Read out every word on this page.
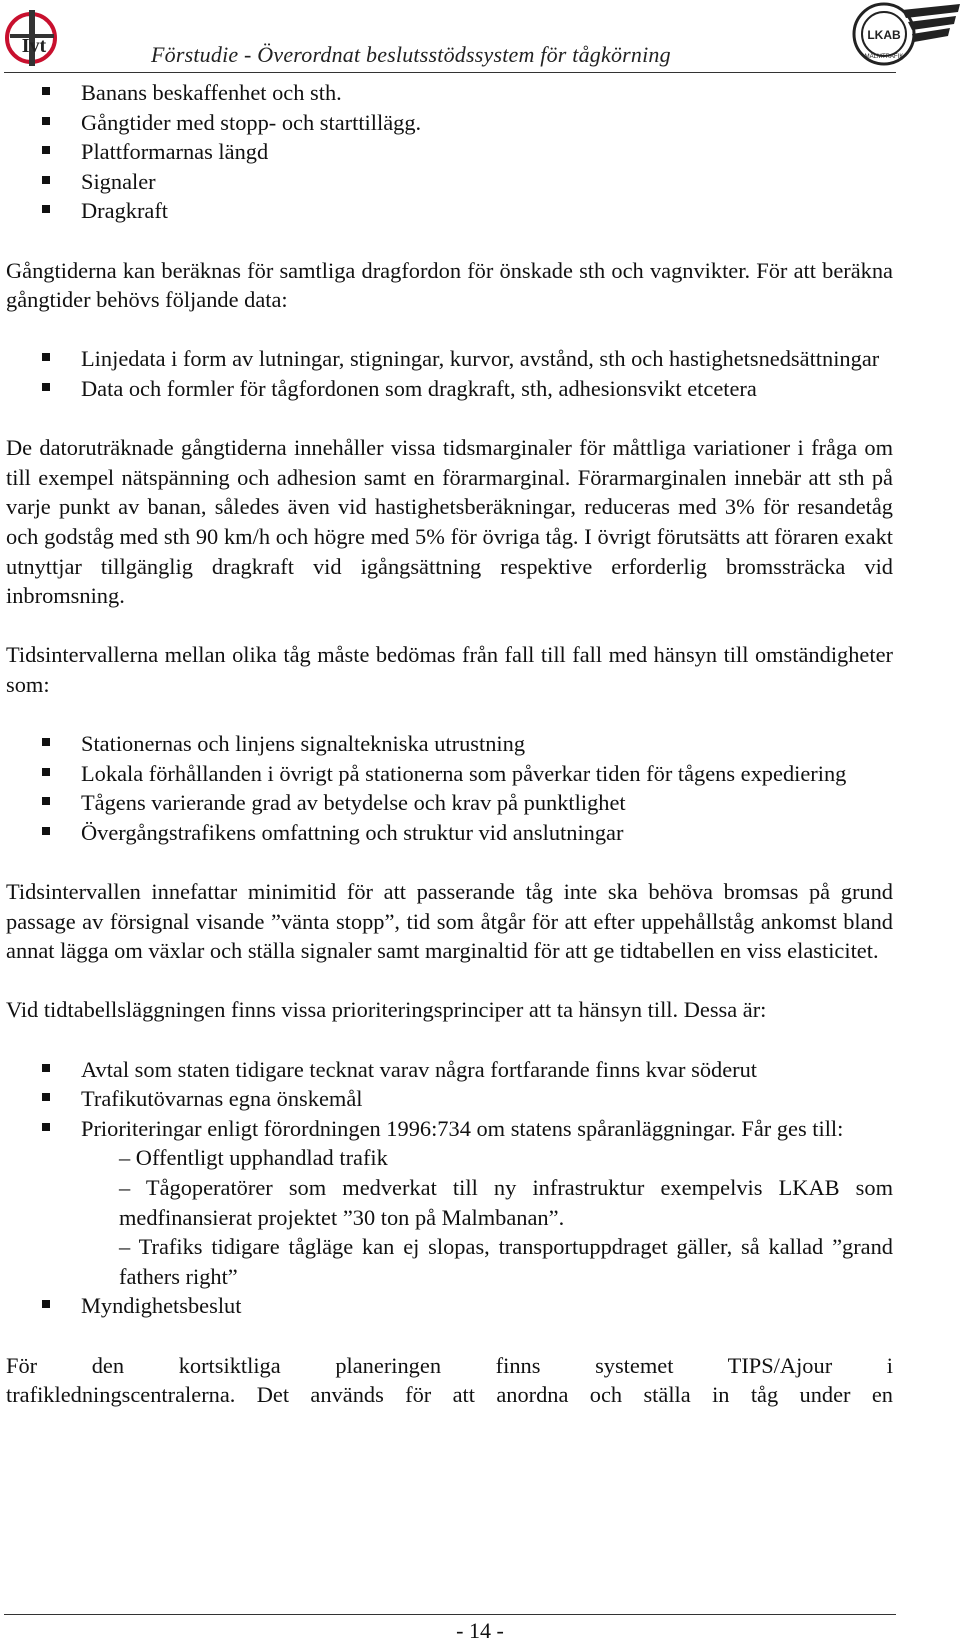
Ivt	Förstudie - Överordnat beslutsstödssystem för tågkörning
LKAB
MALMTRAFIK
Banans beskaffenhet och sth.
Gångtider med stopp- och starttillägg.
Plattformarnas längd
Signaler
Dragkraft

Gångtiderna kan beräknas för samtliga dragfordon för önskade sth och vagnvikter. För att beräkna gångtider behövs följande data:

Linjedata i form av lutningar, stigningar, kurvor, avstånd, sth och hastighetsnedsättningar
Data och formler för tågfordonen som dragkraft, sth, adhesionsvikt etcetera

De datoruträknade gångtiderna innehåller vissa tidsmarginaler för måttliga variationer i fråga om till exempel nätspänning och adhesion samt en förarmarginal. Förarmarginalen innebär att sth på varje punkt av banan, således även vid hastighetsberäkningar, reduceras med 3% för resandetåg och godståg med sth 90 km/h och högre med 5% för övriga tåg. I övrigt förutsätts att föraren exakt utnyttjar tillgänglig dragkraft vid igångsättning respektive erforderlig bromssträcka vid inbromsning.

Tidsintervallerna mellan olika tåg måste bedömas från fall till fall med hänsyn till omständigheter som:

Stationernas och linjens signaltekniska utrustning
Lokala förhållanden i övrigt på stationerna som påverkar tiden för tågens expediering
Tågens varierande grad av betydelse och krav på punktlighet
Övergångstrafikens omfattning och struktur vid anslutningar

Tidsintervallen innefattar minimitid för att passerande tåg inte ska behöva bromsas på grund passage av försignal visande ”vänta stopp”, tid som åtgår för att efter uppehållståg ankomst bland annat lägga om växlar och ställa signaler samt marginaltid för att ge tidtabellen en viss elasticitet.

Vid tidtabellsläggningen finns vissa prioriteringsprinciper att ta hänsyn till. Dessa är:

Avtal som staten tidigare tecknat varav några fortfarande finns kvar söderut
Trafikutövarnas egna önskemål
Prioriteringar enligt förordningen 1996:734 om statens spåranläggningar. Får ges till:
– Offentligt upphandlad trafik
– Tågoperatörer som medverkat till ny infrastruktur exempelvis LKAB som medfinansierat projektet ”30 ton på Malmbanan”.
– Trafiks tidigare tågläge kan ej slopas, transportuppdraget gäller, så kallad ”grand fathers right”
Myndighetsbeslut

För den kortsiktliga planeringen finns systemet TIPS/Ajour i

trafikledningscentralerna. Det används för att anordna och ställa in tåg under en

- 14 -
